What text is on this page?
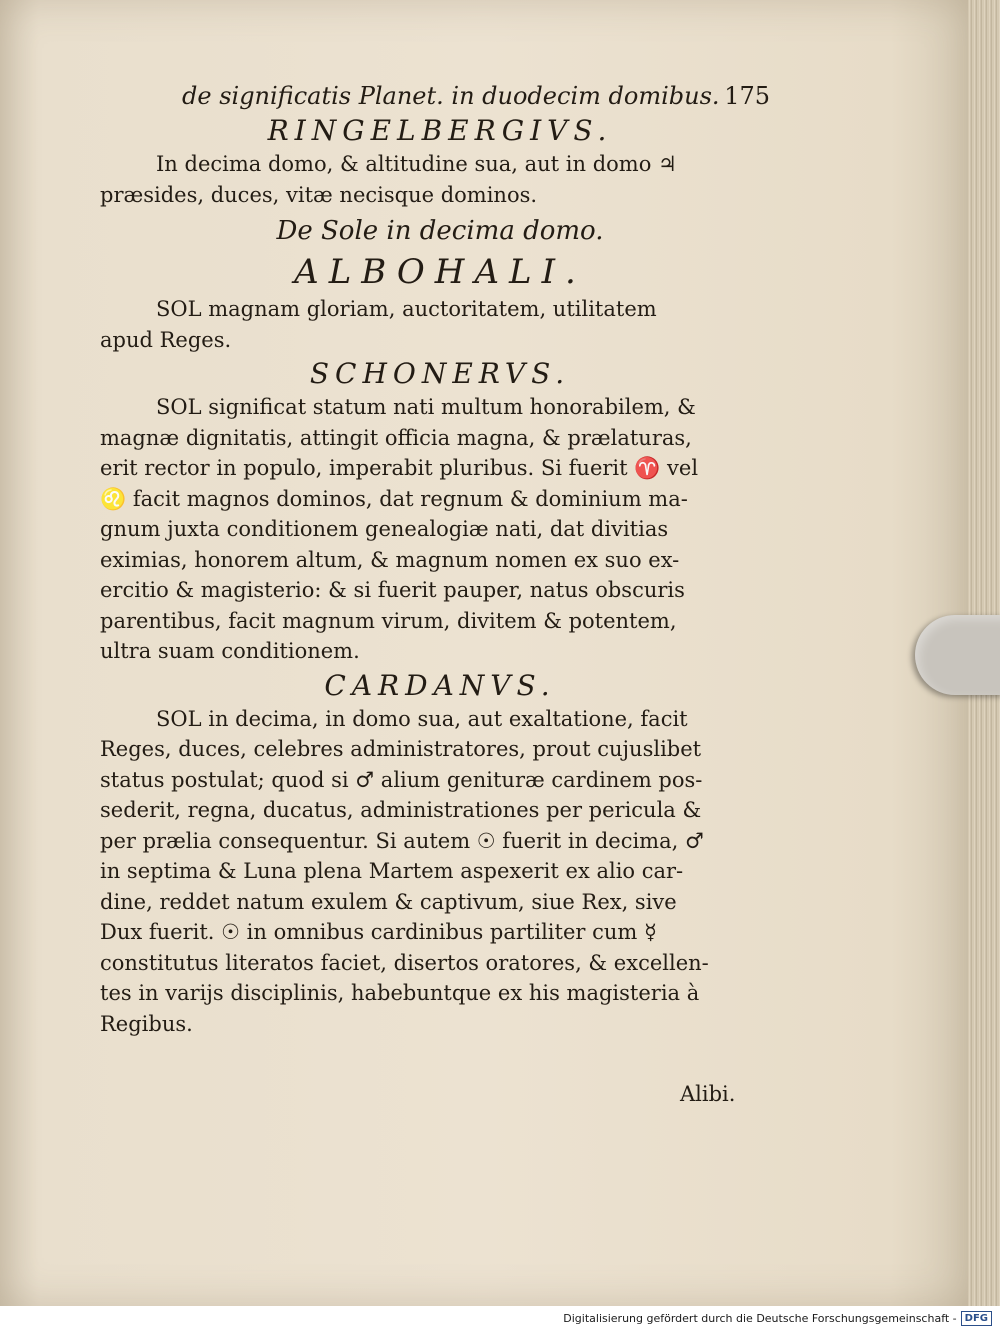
de significatis Planet. in duodecim domibus. 175
RINGELBERGIVS.
In decima domo, & altitudine sua, aut in domo ♃
præsides, duces, vitæ necisque dominos.
De Sole in decima domo.
ALBOHALI.
SOL magnam gloriam, auctoritatem, utilitatem
apud Reges.
SCHONERVS.
SOL significat statum nati multum honorabilem, &
magnæ dignitatis, attingit officia magna, & prælaturas,
erit rector in populo, imperabit pluribus. Si fuerit ♈ vel
♌ facit magnos dominos, dat regnum & dominium ma-
gnum juxta conditionem genealogiæ nati, dat divitias
eximias, honorem altum, & magnum nomen ex suo ex-
ercitio & magisterio: & si fuerit pauper, natus obscuris
parentibus, facit magnum virum, divitem & potentem,
ultra suam conditionem.
CARDANVS.
SOL in decima, in domo sua, aut exaltatione, facit
Reges, duces, celebres administratores, prout cujuslibet
status postulat; quod si ♂ alium genituræ cardinem pos-
sederit, regna, ducatus, administrationes per pericula &
per prælia consequentur. Si autem ☉ fuerit in decima, ♂
in septima & Luna plena Martem aspexerit ex alio car-
dine, reddet natum exulem & captivum, siue Rex, sive
Dux fuerit. ☉ in omnibus cardinibus partiliter cum ☿
constitutus literatos faciet, disertos oratores, & excellen-
tes in varijs disciplinis, habebuntque ex his magisteria à
Regibus.
Alibi.
Digitalisierung gefördert durch die Deutsche Forschungsgemeinschaft - DFG
